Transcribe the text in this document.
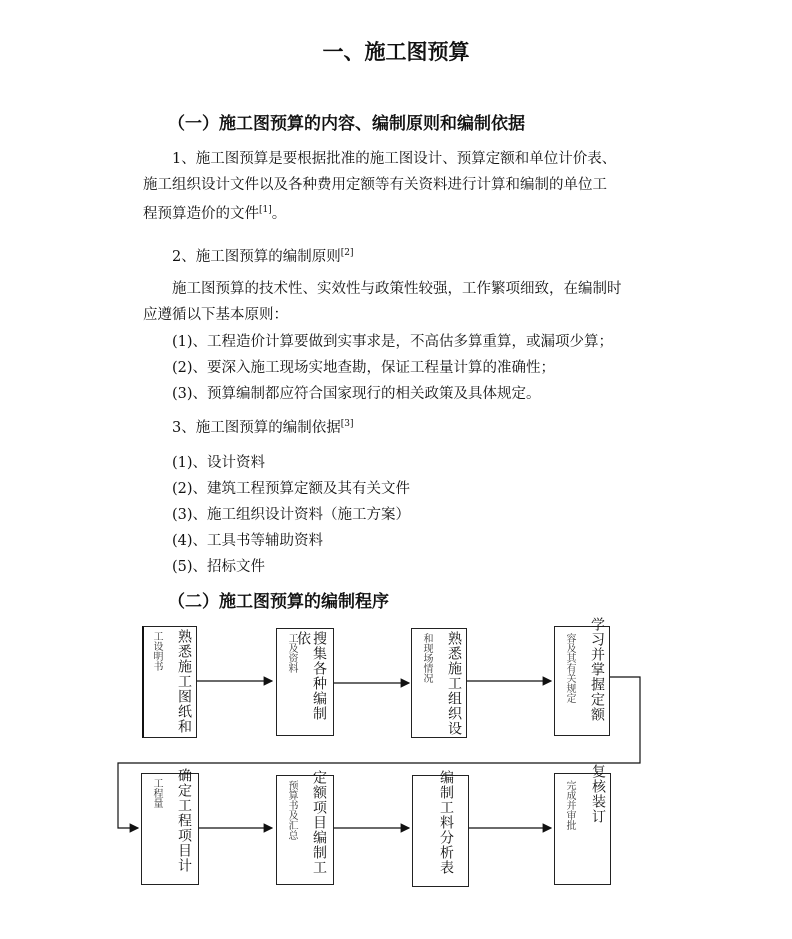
一、施工图预算
（一）施工图预算的内容、编制原则和编制依据
1、施工图预算是要根据批准的施工图设计、预算定额和单位计价表、
施工组织设计文件以及各种费用定额等有关资料进行计算和编制的单位工
程预算造价的文件[1]。
2、施工图预算的编制原则[2]
施工图预算的技术性、实效性与政策性较强，工作繁项细致，在编制时
应遵循以下基本原则：
(1)、工程造价计算要做到实事求是，不高估多算重算，或漏项少算；
(2)、要深入施工现场实地查勘，保证工程量计算的准确性；
(3)、预算编制都应符合国家现行的相关政策及具体规定。
3、施工图预算的编制依据[3]
(1)、设计资料
(2)、建筑工程预算定额及其有关文件
(3)、施工组织设计资料（施工方案）
(4)、工具书等辅助资料
(5)、招标文件
（二）施工图预算的编制程序
熟悉施工图纸和
工设明书	搜集各种编制依
工及资料	熟悉施工组织设
和现场情况	学习并掌握定额
容及其有关规定
确定工程项目计
工程量	定额项目编制工
预算书及汇总	编制工料分析表	复核装订
完成并审批
